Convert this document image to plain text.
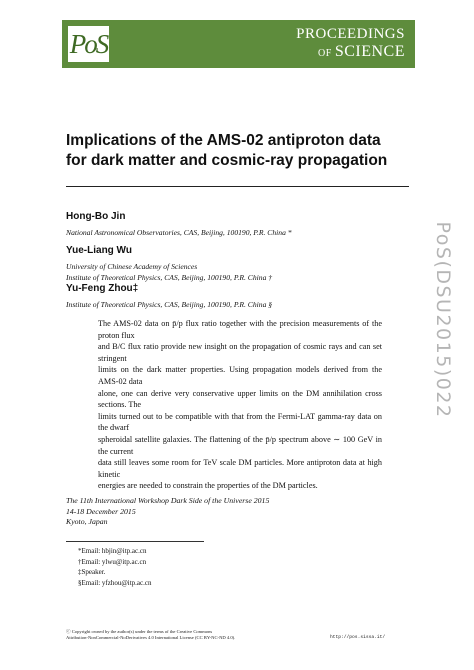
PoS	PROCEEDINGS
OF SCIENCE
Implications of the AMS-02 antiproton data for dark matter and cosmic-ray propagation
Hong-Bo Jin
National Astronomical Observatories, CAS, Beijing, 100190, P.R. China *
Yue-Liang Wu
University of Chinese Academy of Sciences
Institute of Theoretical Physics, CAS, Beijing, 100190, P.R. China †
Yu-Feng Zhou‡
Institute of Theoretical Physics, CAS, Beijing, 100190, P.R. China §
The AMS-02 data on p̄/p flux ratio together with the precision measurements of the proton flux
and B/C flux ratio provide new insight on the propagation of cosmic rays and can set stringent
limits on the dark matter properties. Using propagation models derived from the AMS-02 data
alone, one can derive very conservative upper limits on the DM annihilation cross sections. The
limits turned out to be compatible with that from the Fermi-LAT gamma-ray data on the dwarf
spheroidal satellite galaxies. The flattening of the p̄/p spectrum above ∼ 100 GeV in the current
data still leaves some room for TeV scale DM particles. More antiproton data at high kinetic
energies are needed to constrain the properties of the DM particles.
The 11th International Workshop Dark Side of the Universe 2015
14-18 December 2015
Kyoto, Japan
*Email: hbjin@itp.ac.cn
†Email: ylwu@itp.ac.cn
‡Speaker.
§Email: yfzhou@itp.ac.cn
ⓒ Copyright owned by the author(s) under the terms of the Creative Commons
Attribution-NonCommercial-NoDerivatives 4.0 International License (CC BY-NC-ND 4.0).	http://pos.sissa.it/
PoS(DSU2015)022
